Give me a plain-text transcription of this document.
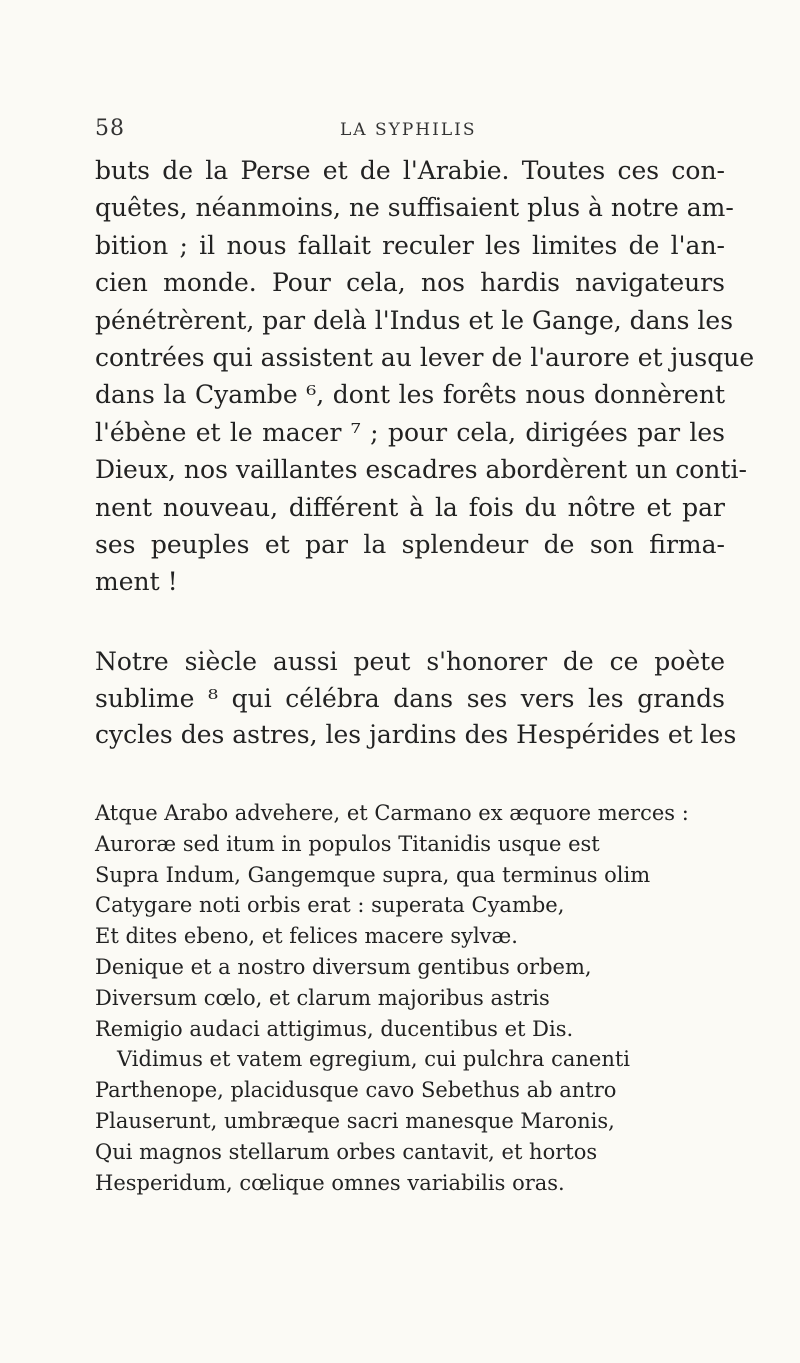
58	LA SYPHILIS
buts de la Perse et de l'Arabie. Toutes ces con-
quêtes, néanmoins, ne suffisaient plus à notre am-
bition ; il nous fallait reculer les limites de l'an-
cien monde. Pour cela, nos hardis navigateurs
pénétrèrent, par delà l'Indus et le Gange, dans les
contrées qui assistent au lever de l'aurore et jusque
dans la Cyambe ⁶, dont les forêts nous donnèrent
l'ébène et le macer ⁷ ; pour cela, dirigées par les
Dieux, nos vaillantes escadres abordèrent un conti-
nent nouveau, différent à la fois du nôtre et par
ses peuples et par la splendeur de son firma-
ment !
Notre siècle aussi peut s'honorer de ce poète
sublime ⁸ qui célébra dans ses vers les grands
cycles des astres, les jardins des Hespérides et les
Atque Arabo advehere, et Carmano ex æquore merces :
Auroræ sed itum in populos Titanidis usque est
Supra Indum, Gangemque supra, qua terminus olim
Catygare noti orbis erat : superata Cyambe,
Et dites ebeno, et felices macere sylvæ.
Denique et a nostro diversum gentibus orbem,
Diversum cœlo, et clarum majoribus astris
Remigio audaci attigimus, ducentibus et Dis.
Vidimus et vatem egregium, cui pulchra canenti
Parthenope, placidusque cavo Sebethus ab antro
Plauserunt, umbræque sacri manesque Maronis,
Qui magnos stellarum orbes cantavit, et hortos
Hesperidum, cœlique omnes variabilis oras.
